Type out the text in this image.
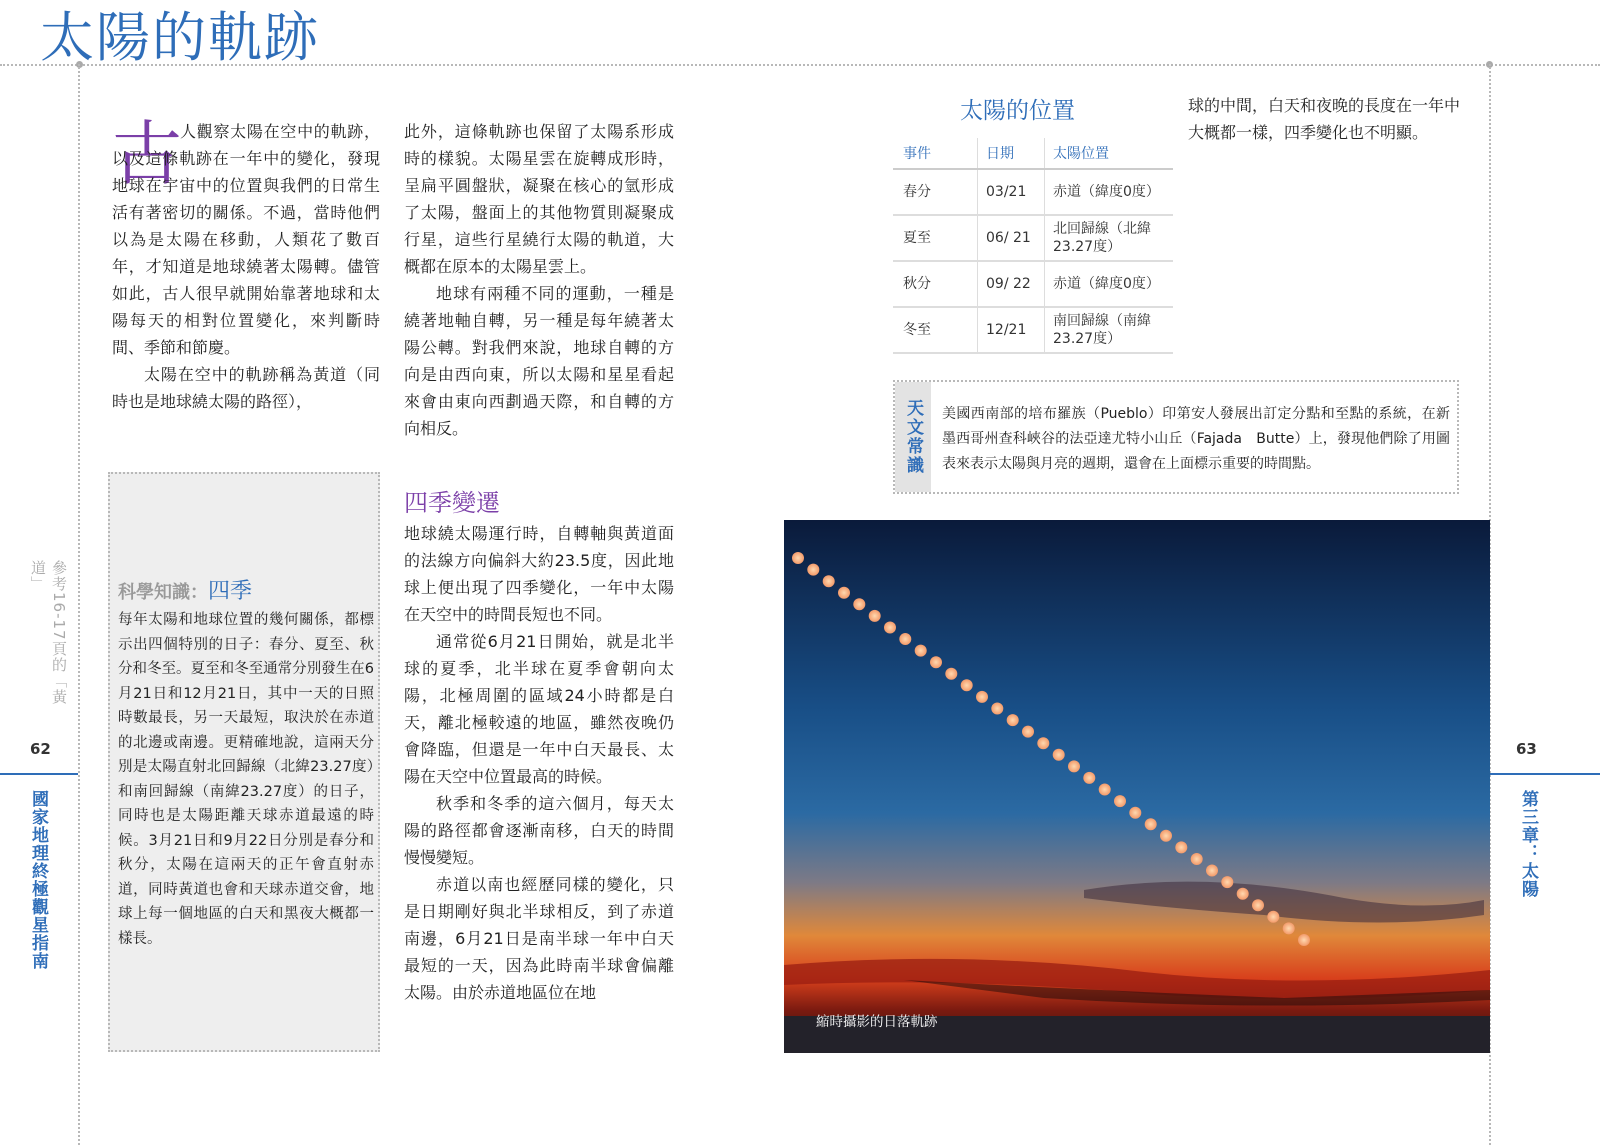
太陽的軌跡
古

人觀察太陽在空中的軌跡，以及這條軌跡在一年中的變化，發現地球在宇宙中的位置與我們的日常生活有著密切的關係。不過，當時他們以為是太陽在移動，人類花了數百年，才知道是地球繞著太陽轉。儘管如此，古人很早就開始靠著地球和太陽每天的相對位置變化，來判斷時間、季節和節慶。

太陽在空中的軌跡稱為黃道（同時也是地球繞太陽的路徑），

科學知識：四季
每年太陽和地球位置的幾何關係，都標示出四個特別的日子：春分、夏至、秋分和冬至。夏至和冬至通常分別發生在6月21日和12月21日，其中一天的日照時數最長，另一天最短，取決於在赤道的北邊或南邊。更精確地說，這兩天分別是太陽直射北回歸線（北緯23.27度）和南回歸線（南緯23.27度）的日子，同時也是太陽距離天球赤道最遠的時候。3月21日和9月22日分別是春分和秋分，太陽在這兩天的正午會直射赤道，同時黃道也會和天球赤道交會，地球上每一個地區的白天和黑夜大概都一樣長。

此外，這條軌跡也保留了太陽系形成時的樣貌。太陽星雲在旋轉成形時，呈扁平圓盤狀，凝聚在核心的氫形成了太陽，盤面上的其他物質則凝聚成行星，這些行星繞行太陽的軌道，大概都在原本的太陽星雲上。

地球有兩種不同的運動，一種是繞著地軸自轉，另一種是每年繞著太陽公轉。對我們來說，地球自轉的方向是由西向東，所以太陽和星星看起來會由東向西劃過天際，和自轉的方向相反。

四季變遷

地球繞太陽運行時，自轉軸與黃道面的法線方向偏斜大約23.5度，因此地球上便出現了四季變化，一年中太陽在天空中的時間長短也不同。

通常從6月21日開始，就是北半球的夏季，北半球在夏季會朝向太陽，北極周圍的區域24小時都是白天，離北極較遠的地區，雖然夜晚仍會降臨，但還是一年中白天最長、太陽在天空中位置最高的時候。

秋季和冬季的這六個月，每天太陽的路徑都會逐漸南移，白天的時間慢慢變短。

赤道以南也經歷同樣的變化，只是日期剛好與北半球相反，到了赤道南邊，6月21日是南半球一年中白天最短的一天，因為此時南半球會偏離太陽。由於赤道地區位在地

太陽的位置
事件	日期	太陽位置
春分	03/21	赤道（緯度0度）
夏至	06/ 21	北回歸線（北緯23.27度）
秋分	09/ 22	赤道（緯度0度）
冬至	12/21	南回歸線（南緯23.27度）

球的中間，白天和夜晚的長度在一年中大概都一樣，四季變化也不明顯。

天文常識	美國西南部的培布羅族（Pueblo）印第安人發展出訂定分點和至點的系統，在新墨西哥州查科峽谷的法亞達尤特小山丘（Fajada　Butte）上，發現他們除了用圖表來表示太陽與月亮的週期，還會在上面標示重要的時間點。
縮時攝影的日落軌跡
62	63
參考16-17頁的「黃道」
國家地理終極觀星指南	第三章：太陽
